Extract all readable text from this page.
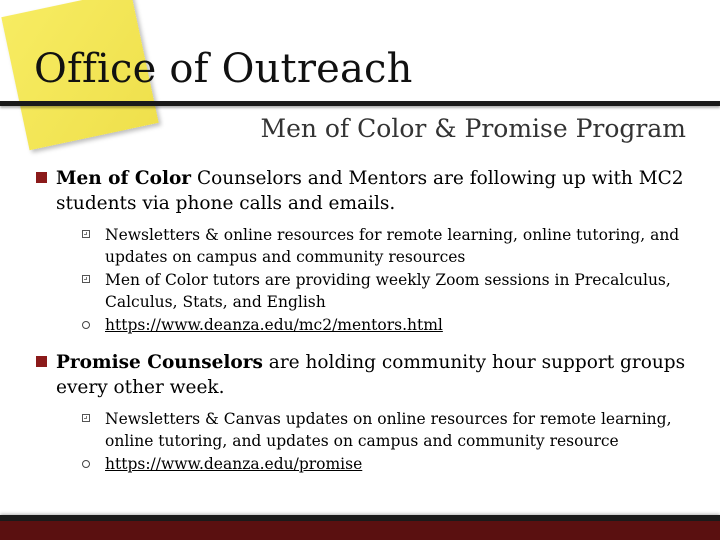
Office of Outreach
Men of Color & Promise Program
Men of Color Counselors and Mentors are following up with MC2 students via phone calls and emails.
Newsletters & online resources for remote learning, online tutoring, and updates on campus and community resources
Men of Color tutors are providing weekly Zoom sessions in Precalculus, Calculus, Stats, and English
https://www.deanza.edu/mc2/mentors.html
Promise Counselors are holding community hour support groups every other week.
Newsletters & Canvas updates on online resources for remote learning, online tutoring, and updates on campus and community resource
https://www.deanza.edu/promise
